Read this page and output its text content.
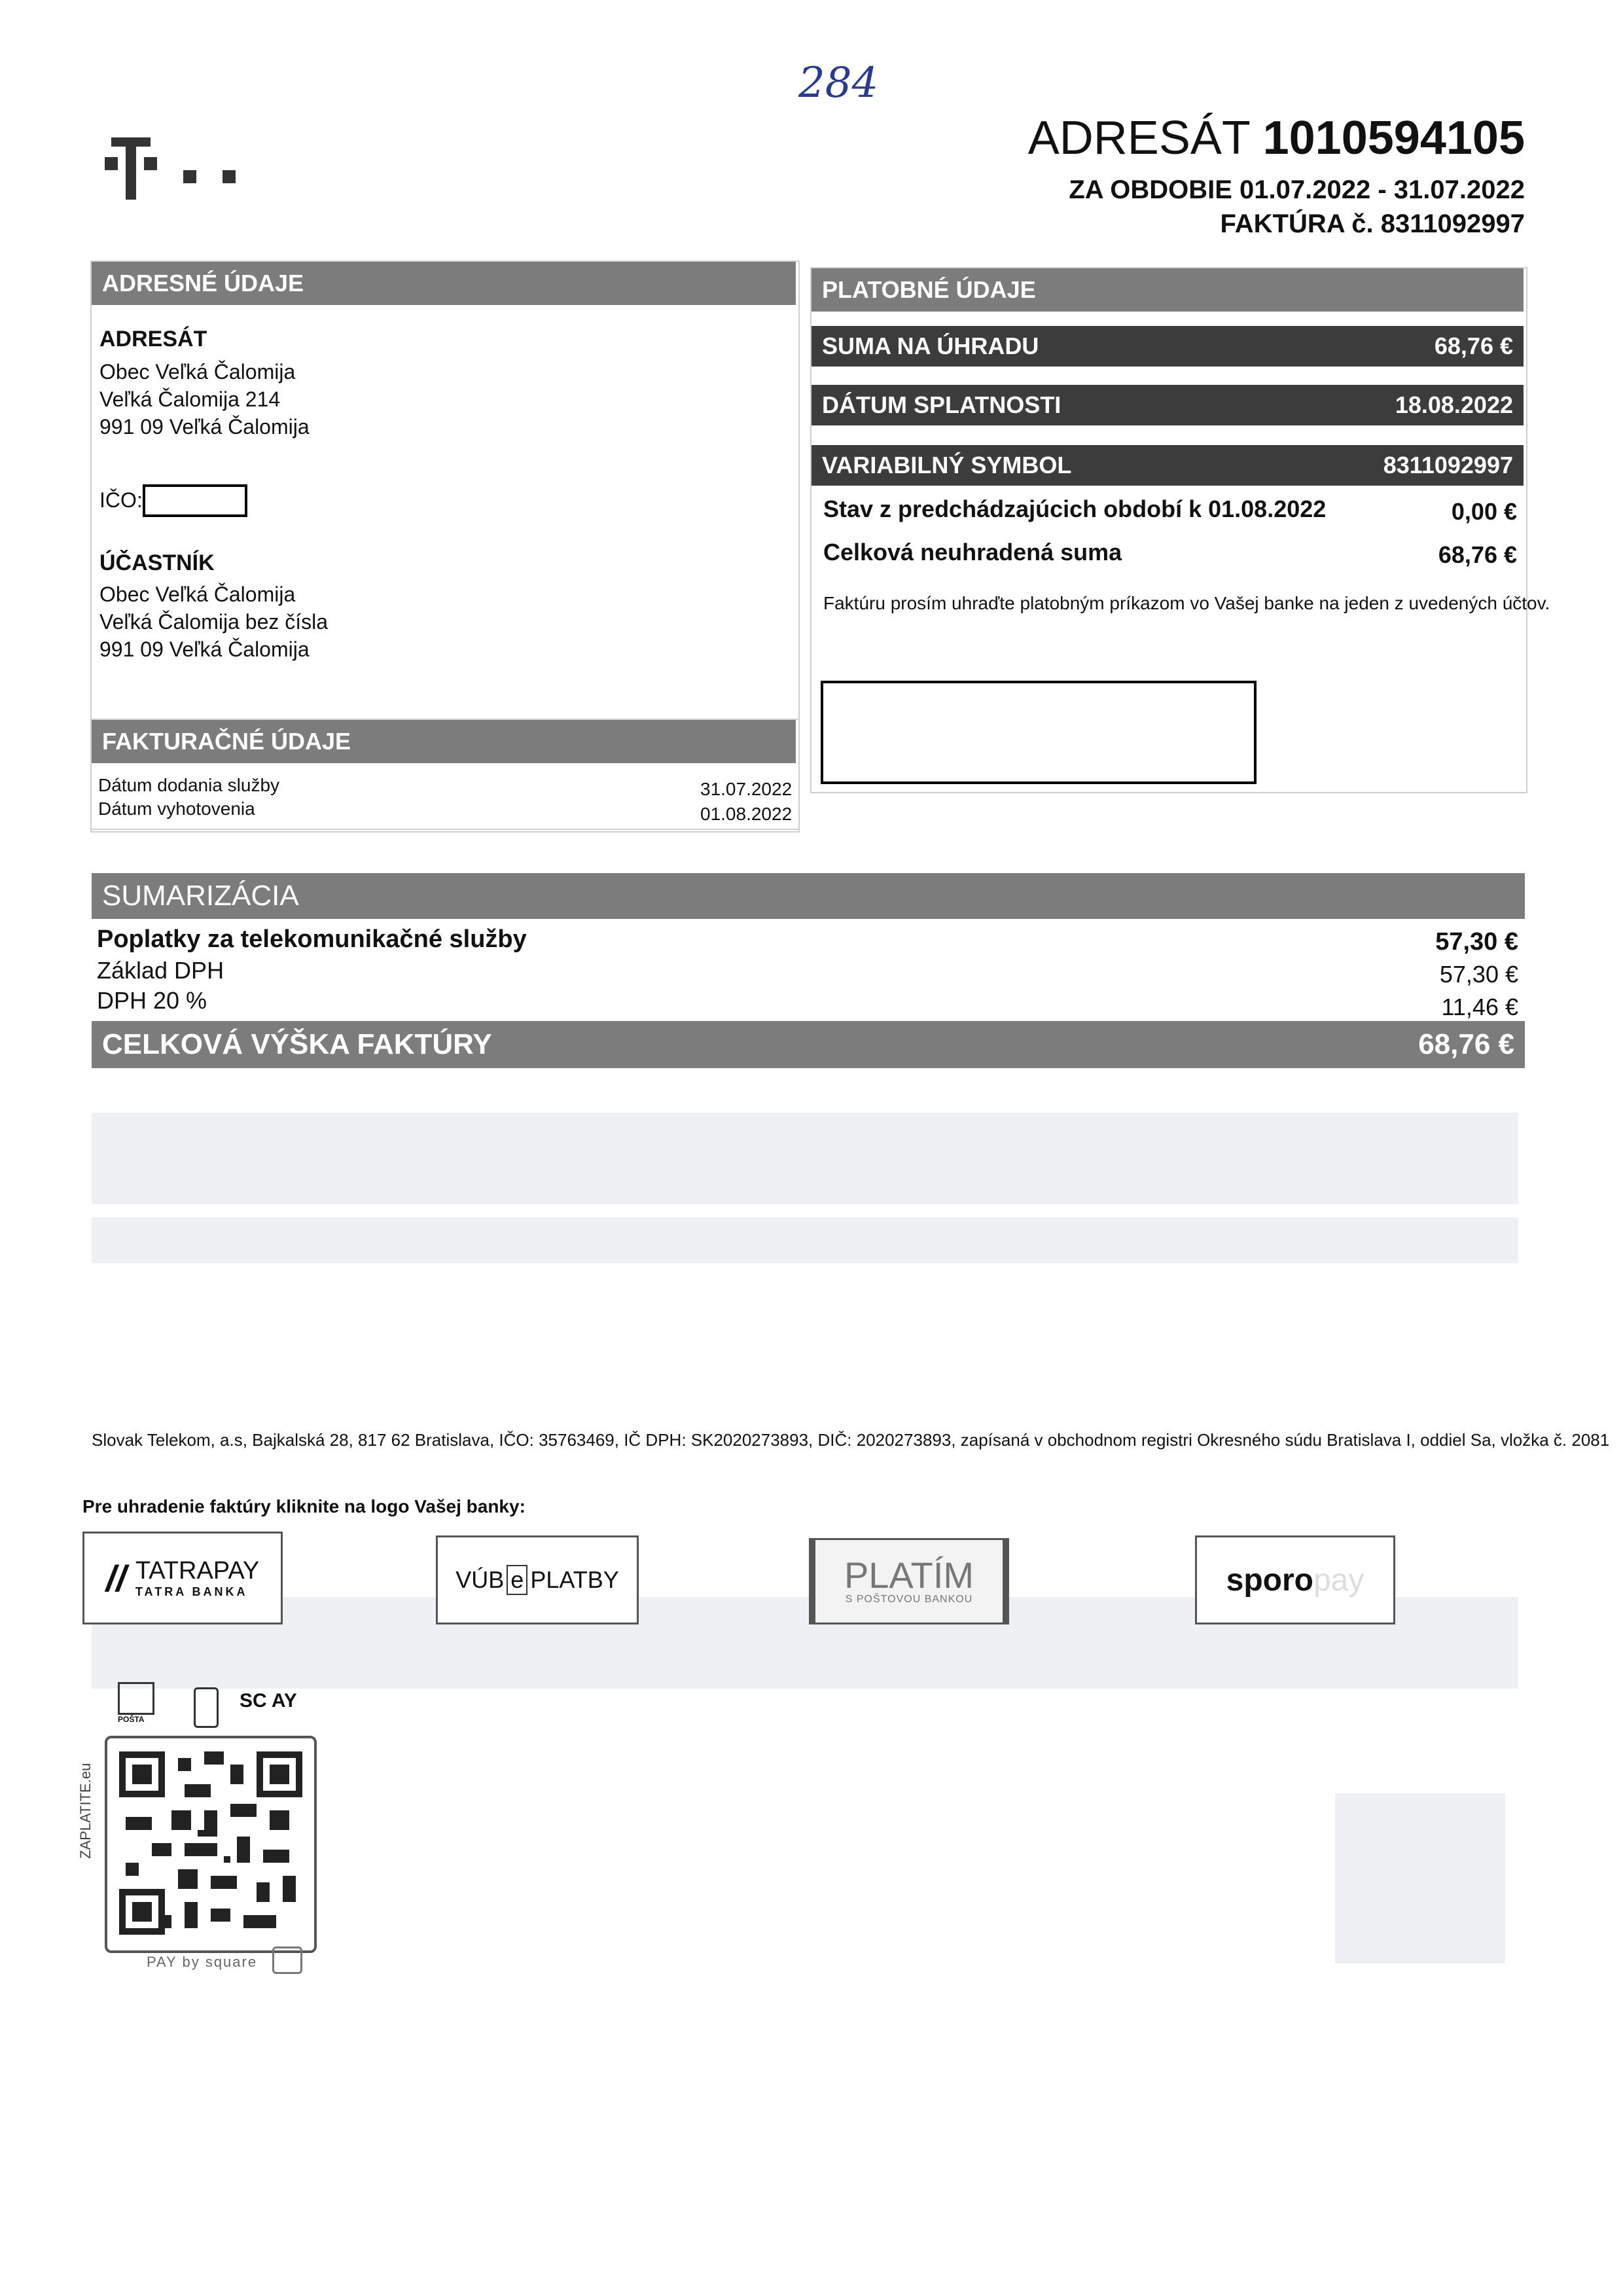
284
ADRESÁT 1010594105
ZA OBDOBIE 01.07.2022 - 31.07.2022
FAKTÚRA č. 8311092997
ADRESNÉ ÚDAJE
ADRESÁT
Obec Veľká Čalomija
Veľká Čalomija 214
991 09 Veľká Čalomija
IČO:
ÚČASTNÍK
Obec Veľká Čalomija
Veľká Čalomija bez čísla
991 09 Veľká Čalomija
FAKTURAČNÉ ÚDAJE
Dátum dodania služby	31.07.2022
Dátum vyhotovenia	01.08.2022
PLATOBNÉ ÚDAJE
SUMA NA ÚHRADU	68,76 €
DÁTUM SPLATNOSTI	18.08.2022
VARIABILNÝ SYMBOL	8311092997
Stav z predchádzajúcich období k 01.08.2022	0,00 €
Celková neuhradená suma	68,76 €
Faktúru prosím uhraďte platobným príkazom vo Vašej banke na jeden z uvedených účtov.
SUMARIZÁCIA
Poplatky za telekomunikačné služby	57,30 €
Základ DPH	57,30 €
DPH 20 %	11,46 €
CELKOVÁ VÝŠKA FAKTÚRY	68,76 €
Slovak Telekom, a.s, Bajkalská 28, 817 62 Bratislava, IČO: 35763469, IČ DPH: SK2020273893, DIČ: 2020273893, zapísaná v obchodnom registri Okresného súdu Bratislava I, oddiel Sa, vložka č. 2081
Pre uhradenie faktúry kliknite na logo Vašej banky:
// TATRAPAY
TATRA BANKA	VÚB e PLATBY	PLATÍM
S POŠTOVOU BANKOU
sporo pay
POŠTA
SC AY
ZAPLATITE.eu
PAY by square
